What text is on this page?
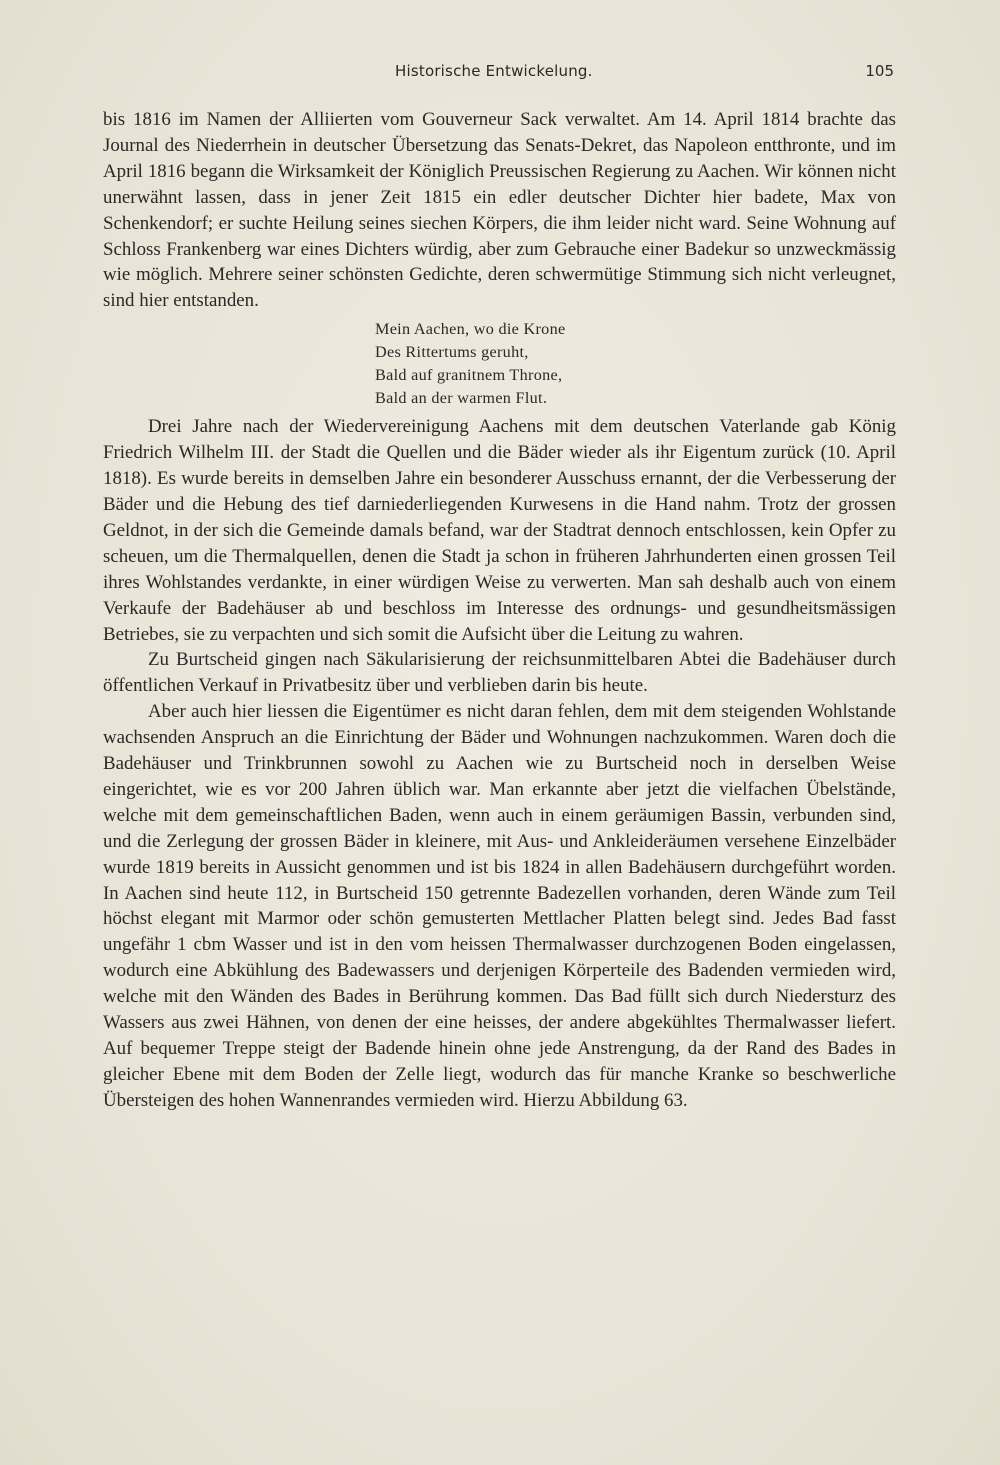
Historische Entwickelung.	105

bis 1816 im Namen der Alliierten vom Gouverneur Sack verwaltet. Am 14. April 1814 brachte das Journal des Niederrhein in deutscher Übersetzung das Senats-Dekret, das Napoleon entthronte, und im April 1816 begann die Wirksamkeit der Königlich Preussischen Regierung zu Aachen. Wir können nicht unerwähnt lassen, dass in jener Zeit 1815 ein edler deutscher Dichter hier badete, Max von Schenkendorf; er suchte Heilung seines siechen Körpers, die ihm leider nicht ward. Seine Wohnung auf Schloss Frankenberg war eines Dichters würdig, aber zum Gebrauche einer Badekur so unzweckmässig wie möglich. Mehrere seiner schönsten Gedichte, deren schwermütige Stimmung sich nicht verleugnet, sind hier entstanden.

Mein Aachen, wo die Krone
Des Rittertums geruht,
Bald auf granitnem Throne,
Bald an der warmen Flut.

Drei Jahre nach der Wiedervereinigung Aachens mit dem deutschen Vaterlande gab König Friedrich Wilhelm III. der Stadt die Quellen und die Bäder wieder als ihr Eigentum zurück (10. April 1818). Es wurde bereits in demselben Jahre ein besonderer Ausschuss ernannt, der die Verbesserung der Bäder und die Hebung des tief darniederliegenden Kurwesens in die Hand nahm. Trotz der grossen Geldnot, in der sich die Gemeinde damals befand, war der Stadtrat dennoch entschlossen, kein Opfer zu scheuen, um die Thermalquellen, denen die Stadt ja schon in früheren Jahrhunderten einen grossen Teil ihres Wohlstandes verdankte, in einer würdigen Weise zu verwerten. Man sah deshalb auch von einem Verkaufe der Badehäuser ab und beschloss im Interesse des ordnungs- und gesundheitsmässigen Betriebes, sie zu verpachten und sich somit die Aufsicht über die Leitung zu wahren.

Zu Burtscheid gingen nach Säkularisierung der reichsunmittelbaren Abtei die Badehäuser durch öffentlichen Verkauf in Privatbesitz über und verblieben darin bis heute.

Aber auch hier liessen die Eigentümer es nicht daran fehlen, dem mit dem steigenden Wohlstande wachsenden Anspruch an die Einrichtung der Bäder und Wohnungen nachzukommen. Waren doch die Badehäuser und Trinkbrunnen sowohl zu Aachen wie zu Burtscheid noch in derselben Weise eingerichtet, wie es vor 200 Jahren üblich war. Man erkannte aber jetzt die vielfachen Übelstände, welche mit dem gemeinschaftlichen Baden, wenn auch in einem geräumigen Bassin, verbunden sind, und die Zerlegung der grossen Bäder in kleinere, mit Aus- und Ankleideräumen versehene Einzelbäder wurde 1819 bereits in Aussicht genommen und ist bis 1824 in allen Badehäusern durchgeführt worden. In Aachen sind heute 112, in Burtscheid 150 getrennte Badezellen vorhanden, deren Wände zum Teil höchst elegant mit Marmor oder schön gemusterten Mettlacher Platten belegt sind. Jedes Bad fasst ungefähr 1 cbm Wasser und ist in den vom heissen Thermalwasser durchzogenen Boden eingelassen, wodurch eine Abkühlung des Badewassers und derjenigen Körperteile des Badenden vermieden wird, welche mit den Wänden des Bades in Berührung kommen. Das Bad füllt sich durch Niedersturz des Wassers aus zwei Hähnen, von denen der eine heisses, der andere abgekühltes Thermalwasser liefert. Auf bequemer Treppe steigt der Badende hinein ohne jede Anstrengung, da der Rand des Bades in gleicher Ebene mit dem Boden der Zelle liegt, wodurch das für manche Kranke so beschwerliche Übersteigen des hohen Wannenrandes vermieden wird. Hierzu Abbildung 63.
